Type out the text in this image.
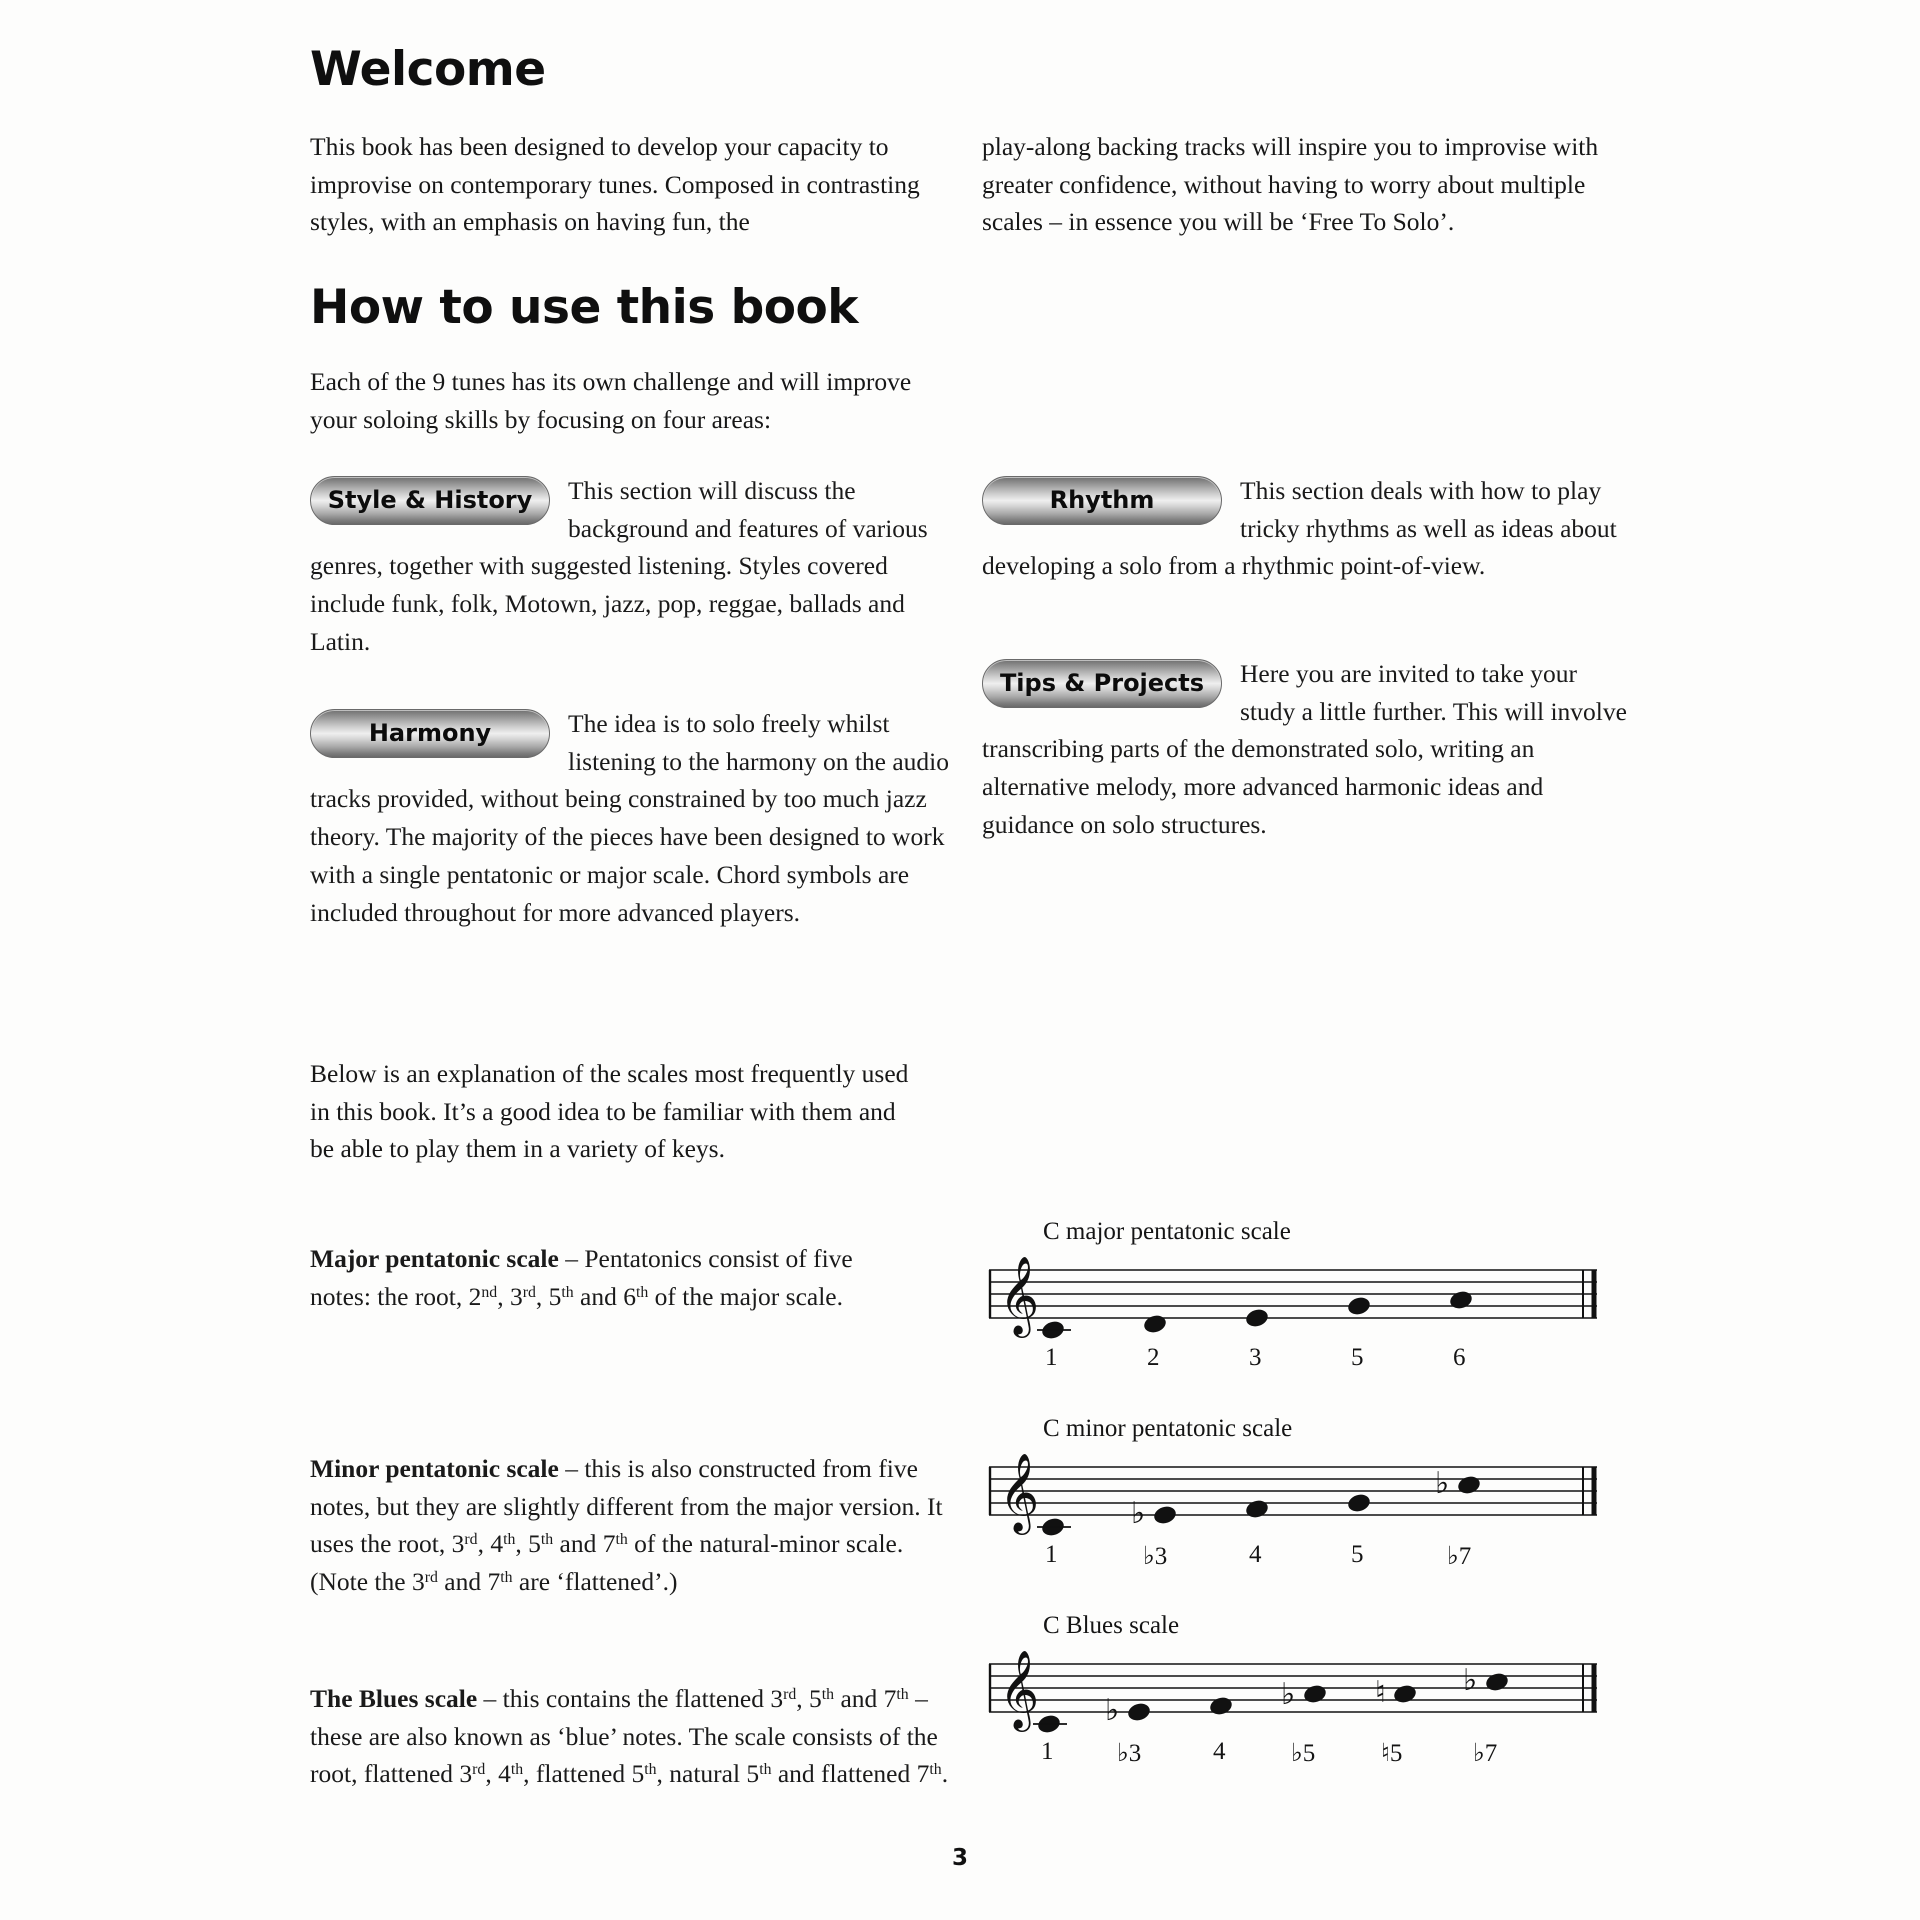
Welcome

This book has been designed to develop your capacity to improvise on contemporary tunes. Composed in contrasting styles, with an emphasis on having fun, the

play-along backing tracks will inspire you to improvise with greater confidence, without having to worry about multiple scales – in essence you will be ‘Free To Solo’.

How to use this book

Each of the 9 tunes has its own challenge and will improve your soloing skills by focusing on four areas:

Style & History	This section will discuss the background and features of various genres, together with suggested listening. Styles covered include funk, folk, Motown, jazz, pop, reggae, ballads and Latin.

Harmony	The idea is to solo freely whilst listening to the harmony on the audio tracks provided, without being constrained by too much jazz theory. The majority of the pieces have been designed to work with a single pentatonic or major scale. Chord symbols are included throughout for more advanced players.

Rhythm	This section deals with how to play tricky rhythms as well as ideas about developing a solo from a rhythmic point-of-view.

Tips & Projects	Here you are invited to take your study a little further. This will involve transcribing parts of the demonstrated solo, writing an alternative melody, more advanced harmonic ideas and guidance on solo structures.

Below is an explanation of the scales most frequently used in this book. It’s a good idea to be familiar with them and be able to play them in a variety of keys.

Major pentatonic scale – Pentatonics consist of five notes: the root, 2nd, 3rd, 5th and 6th of the major scale.

Minor pentatonic scale – this is also constructed from five notes, but they are slightly different from the major version. It uses the root, 3rd, 4th, 5th and 7th of the natural-minor scale. (Note the 3rd and 7th are ‘flattened’.)

The Blues scale – this contains the flattened 3rd, 5th and 7th – these are also known as ‘blue’ notes. The scale consists of the root, flattened 3rd, 4th, flattened 5th, natural 5th and flattened 7th.

C major pentatonic scale
𝄞
1	2	3	5	6
C minor pentatonic scale
𝄞	♭
♭
1	♭3	4	5	♭7
C Blues scale
𝄞 ♭	♭	♮	♭
1	♭3	4	♭5	♮5	♭7
3
